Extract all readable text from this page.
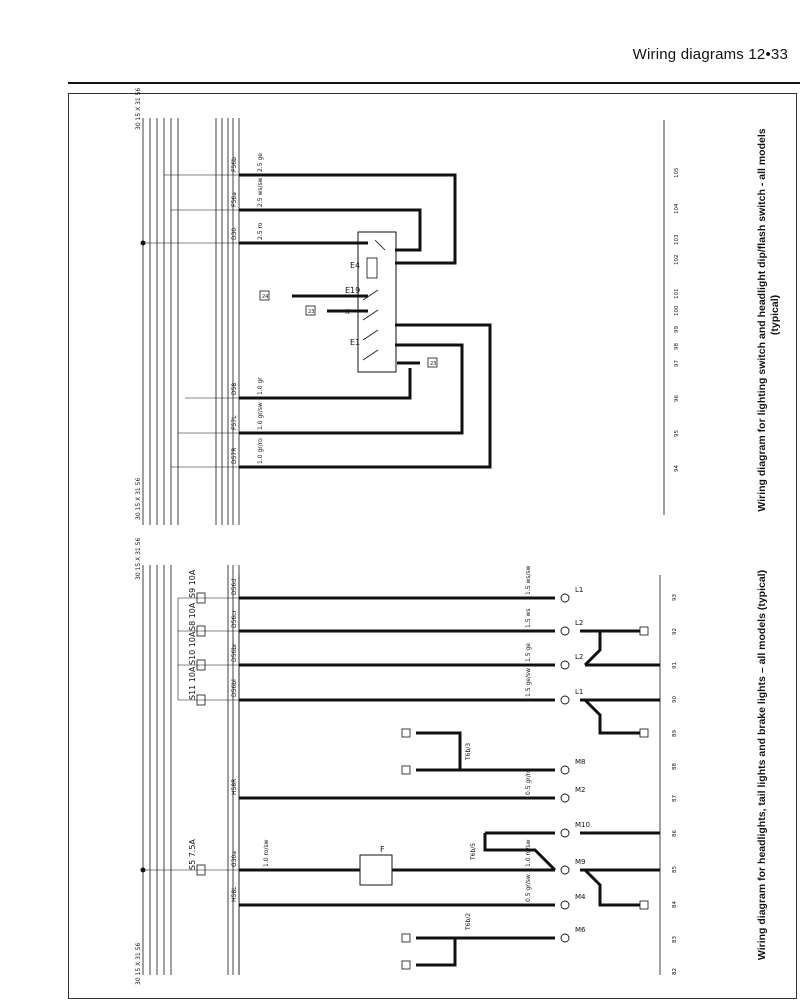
Wiring diagrams 12•33
30 15 X 31 56
30 15 X 31 56
F56b
F56a
D30
D58
F57L
D57R
2.5 ge
2.5 ws/sw
2.5 ro
1.0 gr
1.0 gr/sw
1.0 gr/ro
E4
E1
E19
K
24
23
23
94
95
96
97
98
99
100
101
102
103
104
105
30 15 X 31 56
30 15 X 31 56
D56d
D56cr
D56br
D56bl
H58R
G30a
H58L
S9 10A
S8 10A
S10 10A
S11 10A
S5 7.5A
1.5 ws/sw
1.5 ws
1.5 ge
1.5 ge/sw
0.5 gr/ro
1.0 ro/sw
0.5 gr/sw
1.0 ro/sw
L1
L2
L2
L1
M8
M2
M10
M9
M4
M6
F
T6b/3
T6b/5
T6b/2
82
83
84
85
86
87
88
89
90
91
92
93
Wiring diagram for lighting switch and headlight dip/flash switch - all models (typical)
Wiring diagram for headlights, tail lights and brake lights – all models (typical)
